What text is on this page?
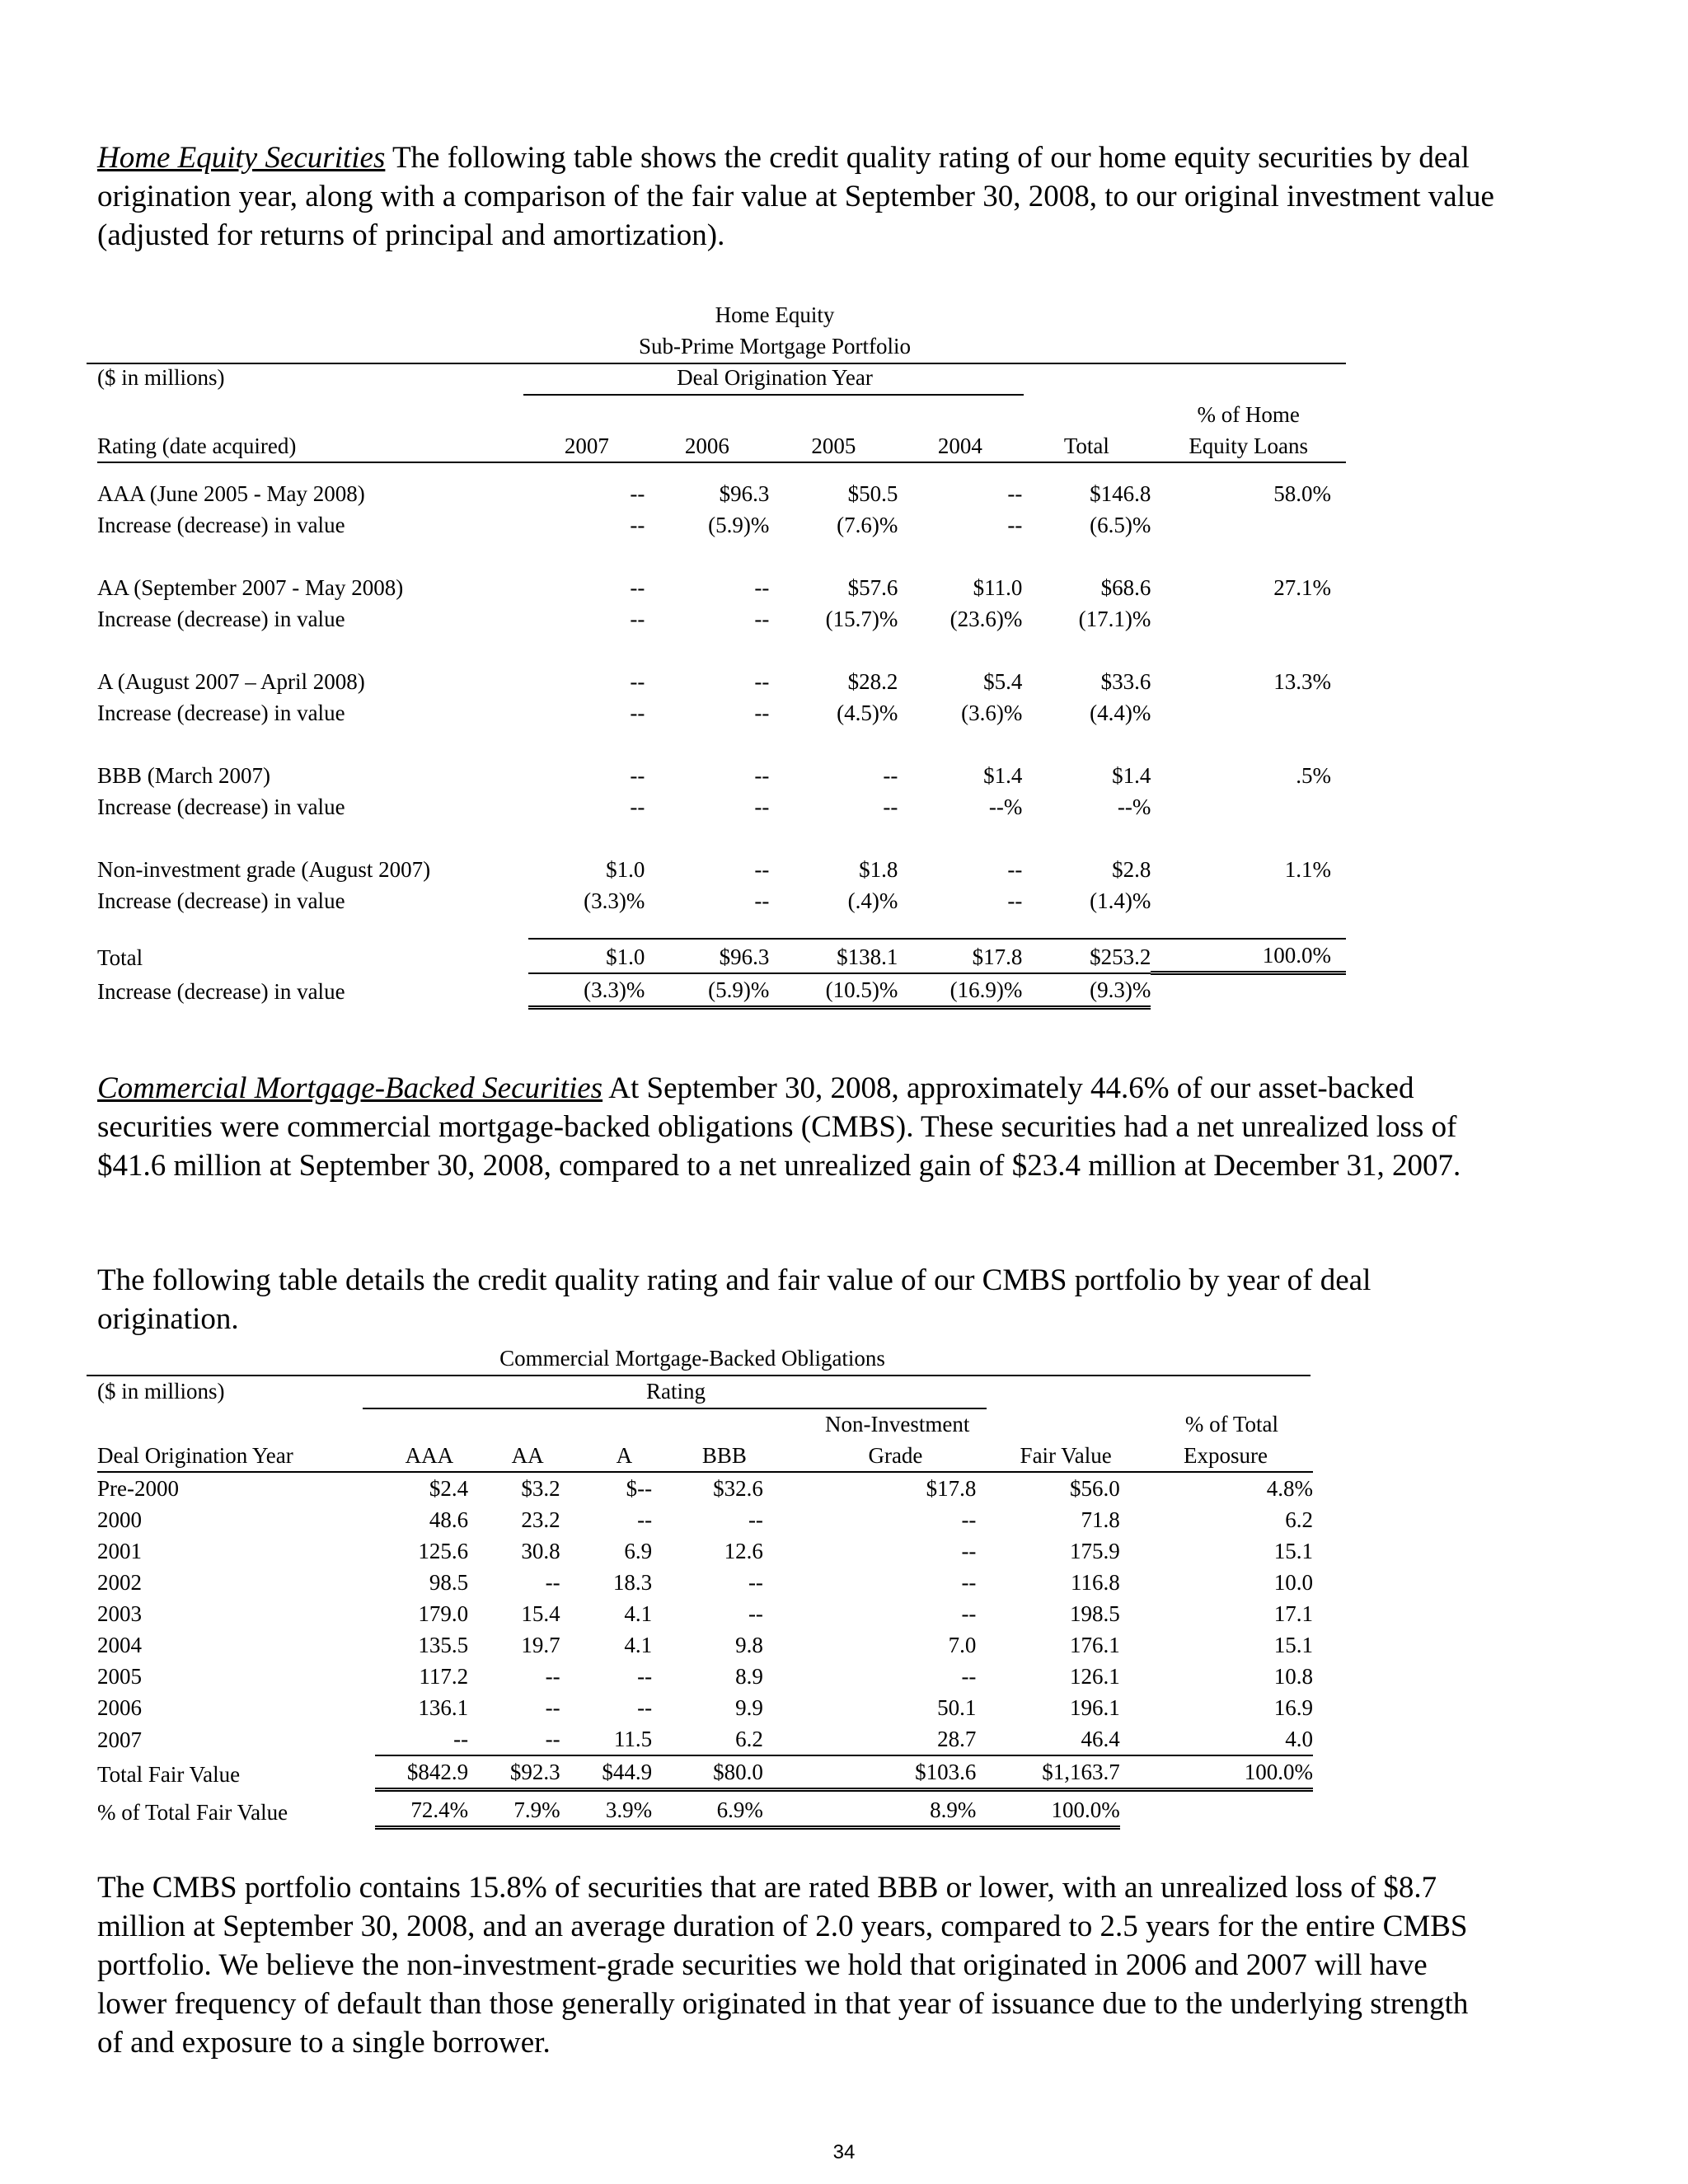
Home Equity Securities The following table shows the credit quality rating of our home equity securities by deal origination year, along with a comparison of the fair value at September 30, 2008, to our original investment value (adjusted for returns of principal and amortization).
Home Equity
Sub-Prime Mortgage Portfolio
($ in millions)	Deal Origination Year
						% of Home
Rating (date acquired)	2007	2006	2005	2004	Total	Equity Loans

AAA (June 2005 - May 2008)	--	$96.3	$50.5	--	$146.8	58.0%
Increase (decrease) in value	--	(5.9)%	(7.6)%	--	(6.5)%	

AA (September 2007 - May 2008)	--	--	$57.6	$11.0	$68.6	27.1%
Increase (decrease) in value	--	--	(15.7)%	(23.6)%	(17.1)%	

A (August 2007 – April 2008)	--	--	$28.2	$5.4	$33.6	13.3%
Increase (decrease) in value	--	--	(4.5)%	(3.6)%	(4.4)%	

BBB (March 2007)	--	--	--	$1.4	$1.4	.5%
Increase (decrease) in value	--	--	--	--%	--%	

Non-investment grade (August 2007)	$1.0	--	$1.8	--	$2.8	1.1%
Increase (decrease) in value	(3.3)%	--	(.4)%	--	(1.4)%	

Total	$1.0	$96.3	$138.1	$17.8	$253.2	100.0%
Increase (decrease) in value	(3.3)%	(5.9)%	(10.5)%	(16.9)%	(9.3)%	
Commercial Mortgage-Backed Securities At September 30, 2008, approximately 44.6% of our asset-backed securities were commercial mortgage-backed obligations (CMBS). These securities had a net unrealized loss of $41.6 million at September 30, 2008, compared to a net unrealized gain of $23.4 million at December 31, 2007.
The following table details the credit quality rating and fair value of our CMBS portfolio by year of deal origination.
Commercial Mortgage-Backed Obligations
($ in millions)	Rating
					Non-Investment		% of Total
Deal Origination Year	AAA	AA	A	BBB	Grade	Fair Value	Exposure
Pre-2000	$2.4	$3.2	$--	$32.6	$17.8	$56.0	4.8%
2000	48.6	23.2	--	--	--	71.8	6.2
2001	125.6	30.8	6.9	12.6	--	175.9	15.1
2002	98.5	--	18.3	--	--	116.8	10.0
2003	179.0	15.4	4.1	--	--	198.5	17.1
2004	135.5	19.7	4.1	9.8	7.0	176.1	15.1
2005	117.2	--	--	8.9	--	126.1	10.8
2006	136.1	--	--	9.9	50.1	196.1	16.9
2007	--	--	11.5	6.2	28.7	46.4	4.0
Total Fair Value	$842.9	$92.3	$44.9	$80.0	$103.6	$1,163.7	100.0%
% of Total Fair Value	72.4%	7.9%	3.9%	6.9%	8.9%	100.0%	
The CMBS portfolio contains 15.8% of securities that are rated BBB or lower, with an unrealized loss of $8.7 million at September 30, 2008, and an average duration of 2.0 years, compared to 2.5 years for the entire CMBS portfolio. We believe the non-investment-grade securities we hold that originated in 2006 and 2007 will have lower frequency of default than those generally originated in that year of issuance due to the underlying strength of and exposure to a single borrower.
34
